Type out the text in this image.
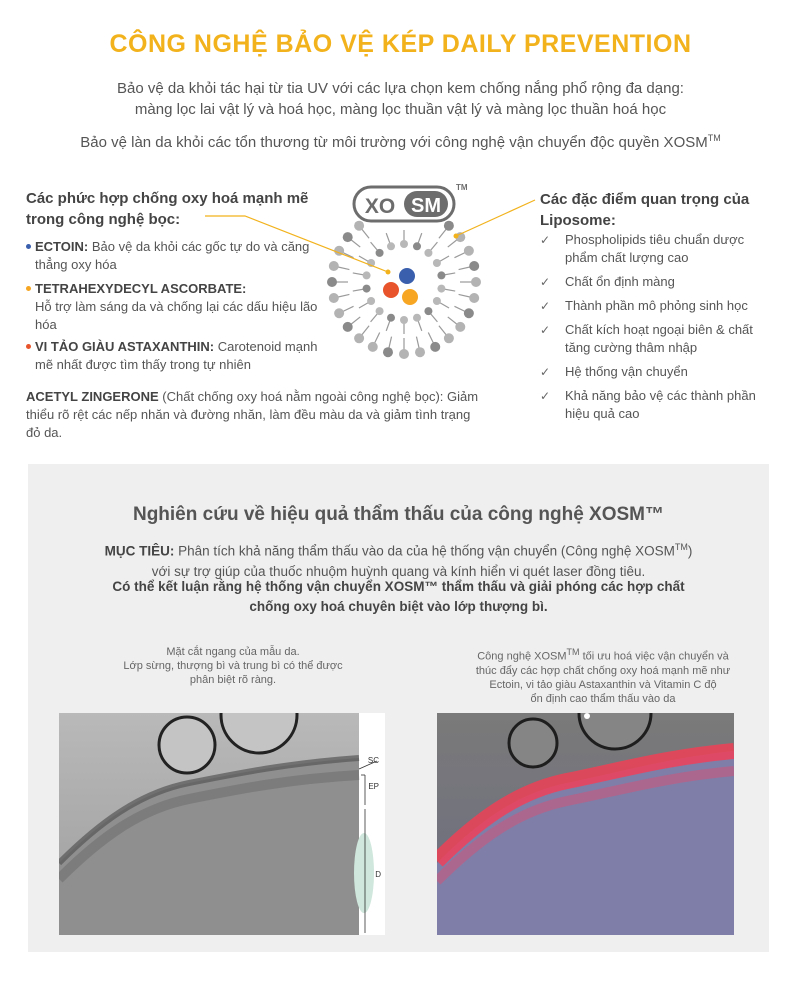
CÔNG NGHỆ BẢO VỆ KÉP DAILY PREVENTION
Bảo vệ da khỏi tác hại từ tia UV với các lựa chọn kem chống nắng phổ rộng đa dạng:
màng lọc lai vật lý và hoá học, màng lọc thuần vật lý và màng lọc thuần hoá học
Bảo vệ làn da khỏi các tổn thương từ môi trường với công nghệ vận chuyển độc quyền XOSM™
Các phức hợp chống oxy hoá mạnh mẽ
trong công nghệ bọc:
ECTOIN: Bảo vệ da khỏi các gốc tự do và căng thẳng oxy hóa
TETRAHEXYDECYL ASCORBATE:
Hỗ trợ làm sáng da và chống lại các dấu hiệu lão hóa
VI TẢO GIÀU ASTAXANTHIN: Carotenoid mạnh mẽ nhất được tìm thấy trong tự nhiên
ACETYL ZINGERONE (Chất chống oxy hoá nằm ngoài công nghệ bọc): Giảm thiểu rõ rệt các nếp nhăn và đường nhăn, làm đều màu da và giảm tình trạng đỏ da.
XO SM
TM
Các đặc điểm quan trọng của
Liposome:
✓ Phospholipids tiêu chuẩn dược phẩm chất lượng cao
✓ Chất ổn định màng
✓ Thành phần mô phỏng sinh học
✓ Chất kích hoạt ngoại biên & chất tăng cường thâm nhập
✓ Hệ thống vận chuyển
✓ Khả năng bảo vệ các thành phần hiệu quả cao
Nghiên cứu về hiệu quả thẩm thấu của công nghệ XOSM™
MỤC TIÊU: Phân tích khả năng thẩm thấu vào da của hệ thống vận chuyển (Công nghệ XOSM™)
với sự trợ giúp của thuốc nhuộm huỳnh quang và kính hiển vi quét laser đồng tiêu.
Có thể kết luận rằng hệ thống vận chuyển XOSM™ thẩm thấu và giải phóng các hợp chất
chống oxy hoá chuyên biệt vào lớp thượng bì.
Mặt cắt ngang của mẫu da.
Lớp sừng, thượng bì và trung bì có thể được
phân biệt rõ ràng.
Công nghệ XOSM™ tối ưu hoá việc vận chuyển và
thúc đẩy các hợp chất chống oxy hoá mạnh mẽ như
Ectoin, vi tảo giàu Astaxanthin và Vitamin C độ
ổn định cao thẩm thấu vào da
SC
EP
D
